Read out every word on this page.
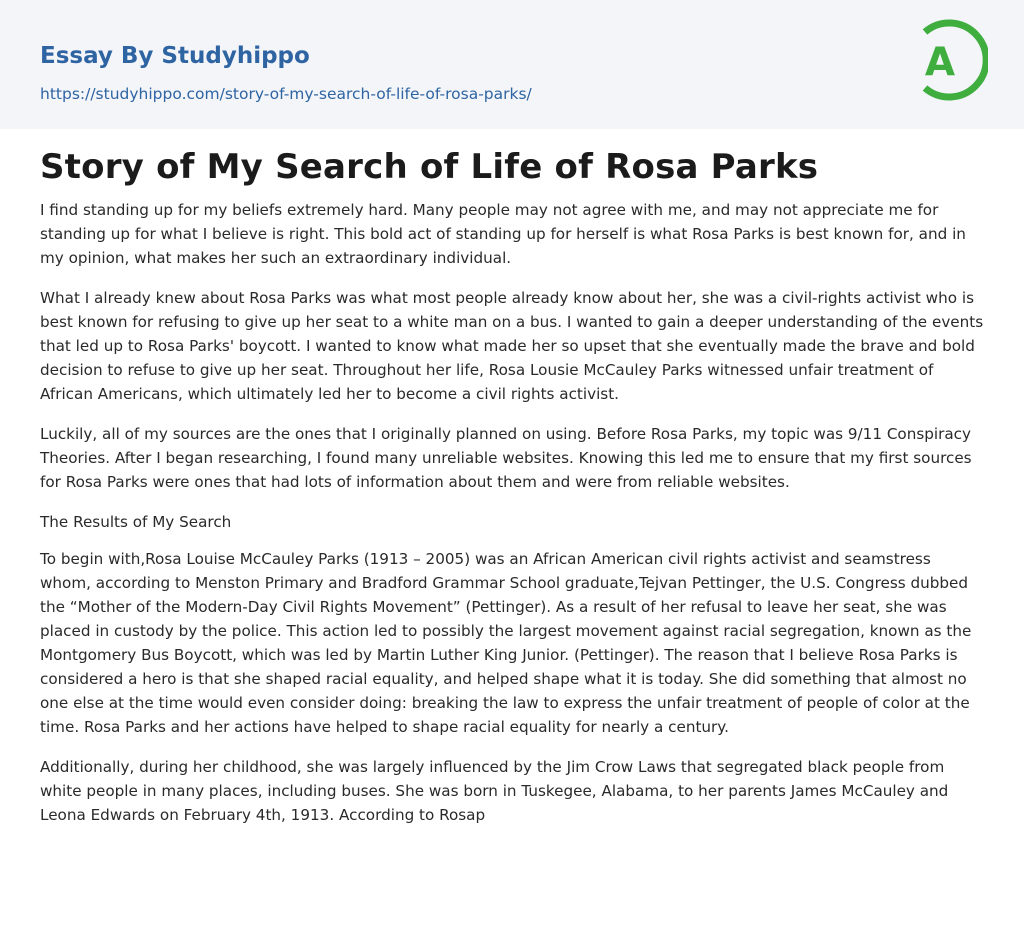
Essay By Studyhippo
https://studyhippo.com/story-of-my-search-of-life-of-rosa-parks/
A
Story of My Search of Life of Rosa Parks

I find standing up for my beliefs extremely hard. Many people may not agree with me, and may not appreciate me for standing up for what I believe is right. This bold act of standing up for herself is what Rosa Parks is best known for, and in my opinion, what makes her such an extraordinary individual.

What I already knew about Rosa Parks was what most people already know about her, she was a civil-rights activist who is best known for refusing to give up her seat to a white man on a bus. I wanted to gain a deeper understanding of the events that led up to Rosa Parks' boycott. I wanted to know what made her so upset that she eventually made the brave and bold decision to refuse to give up her seat. Throughout her life, Rosa Lousie McCauley Parks witnessed unfair treatment of African Americans, which ultimately led her to become a civil rights activist.

Luckily, all of my sources are the ones that I originally planned on using. Before Rosa Parks, my topic was 9/11 Conspiracy Theories. After I began researching, I found many unreliable websites. Knowing this led me to ensure that my first sources for Rosa Parks were ones that had lots of information about them and were from reliable websites.

The Results of My Search

To begin with,Rosa Louise McCauley Parks (1913 – 2005) was an African American civil rights activist and seamstress whom, according to Menston Primary and Bradford Grammar School graduate,Tejvan Pettinger, the U.S. Congress dubbed the “Mother of the Modern-Day Civil Rights Movement” (Pettinger). As a result of her refusal to leave her seat, she was placed in custody by the police. This action led to possibly the largest movement against racial segregation, known as the Montgomery Bus Boycott, which was led by Martin Luther King Junior. (Pettinger). The reason that I believe Rosa Parks is considered a hero is that she shaped racial equality, and helped shape what it is today. She did something that almost no one else at the time would even consider doing: breaking the law to express the unfair treatment of people of color at the time. Rosa Parks and her actions have helped to shape racial equality for nearly a century.

Additionally, during her childhood, she was largely influenced by the Jim Crow Laws that segregated black people from white people in many places, including buses. She was born in Tuskegee, Alabama, to her parents James McCauley and Leona Edwards on February 4th, 1913. According to Rosap
